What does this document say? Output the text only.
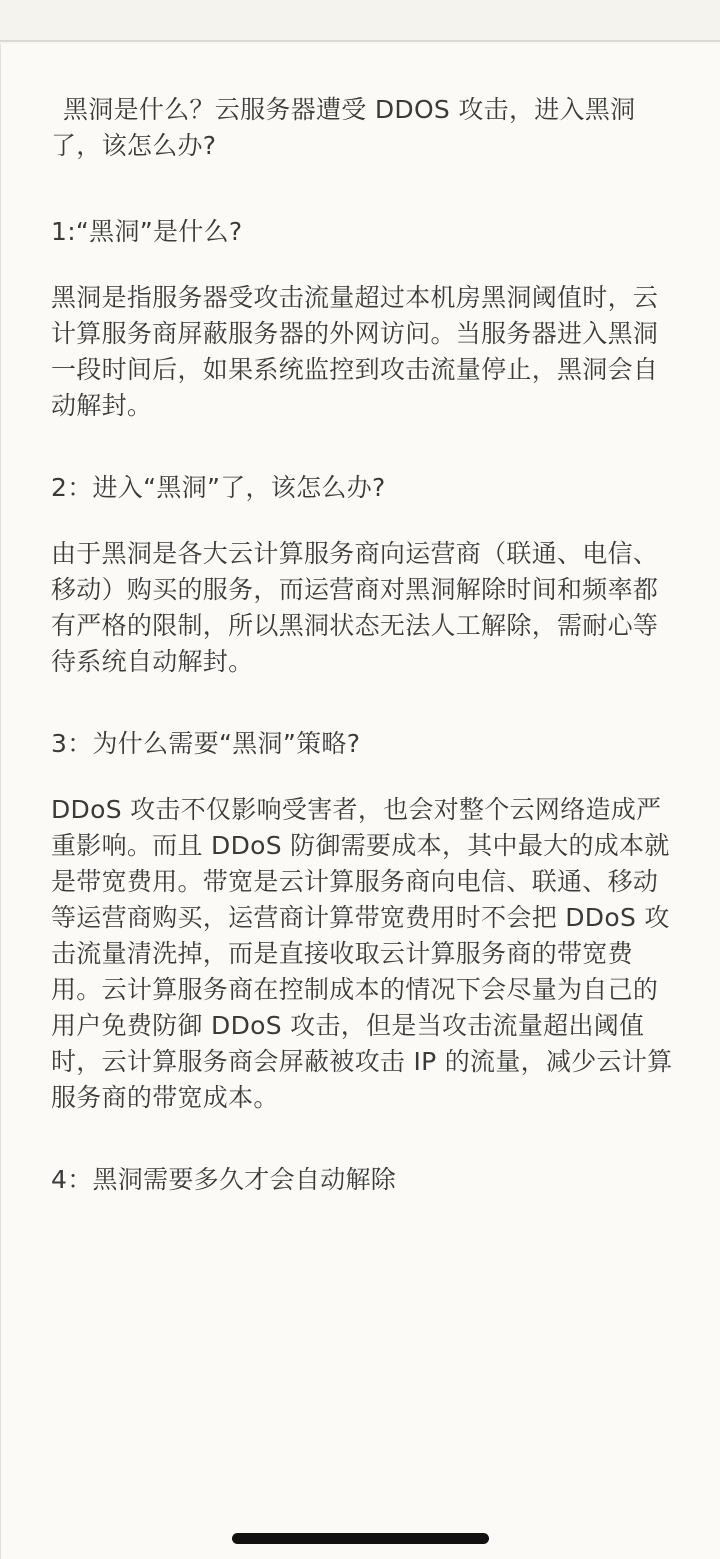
黑洞是什么？云服务器遭受 DDOS 攻击，进入黑洞了，该怎么办?

1:“黑洞”是什么?

黑洞是指服务器受攻击流量超过本机房黑洞阈值时，云计算服务商屏蔽服务器的外网访问。当服务器进入黑洞一段时间后，如果系统监控到攻击流量停止，黑洞会自动解封。

2：进入“黑洞”了，该怎么办?

由于黑洞是各大云计算服务商向运营商（联通、电信、移动）购买的服务，而运营商对黑洞解除时间和频率都有严格的限制，所以黑洞状态无法人工解除，需耐心等待系统自动解封。

3：为什么需要“黑洞”策略?

DDoS 攻击不仅影响受害者，也会对整个云网络造成严重影响。而且 DDoS 防御需要成本，其中最大的成本就是带宽费用。带宽是云计算服务商向电信、联通、移动等运营商购买，运营商计算带宽费用时不会把 DDoS 攻击流量清洗掉，而是直接收取云计算服务商的带宽费用。云计算服务商在控制成本的情况下会尽量为自己的用户免费防御 DDoS 攻击，但是当攻击流量超出阈值时，云计算服务商会屏蔽被攻击 IP 的流量，减少云计算服务商的带宽成本。

4：黑洞需要多久才会自动解除
